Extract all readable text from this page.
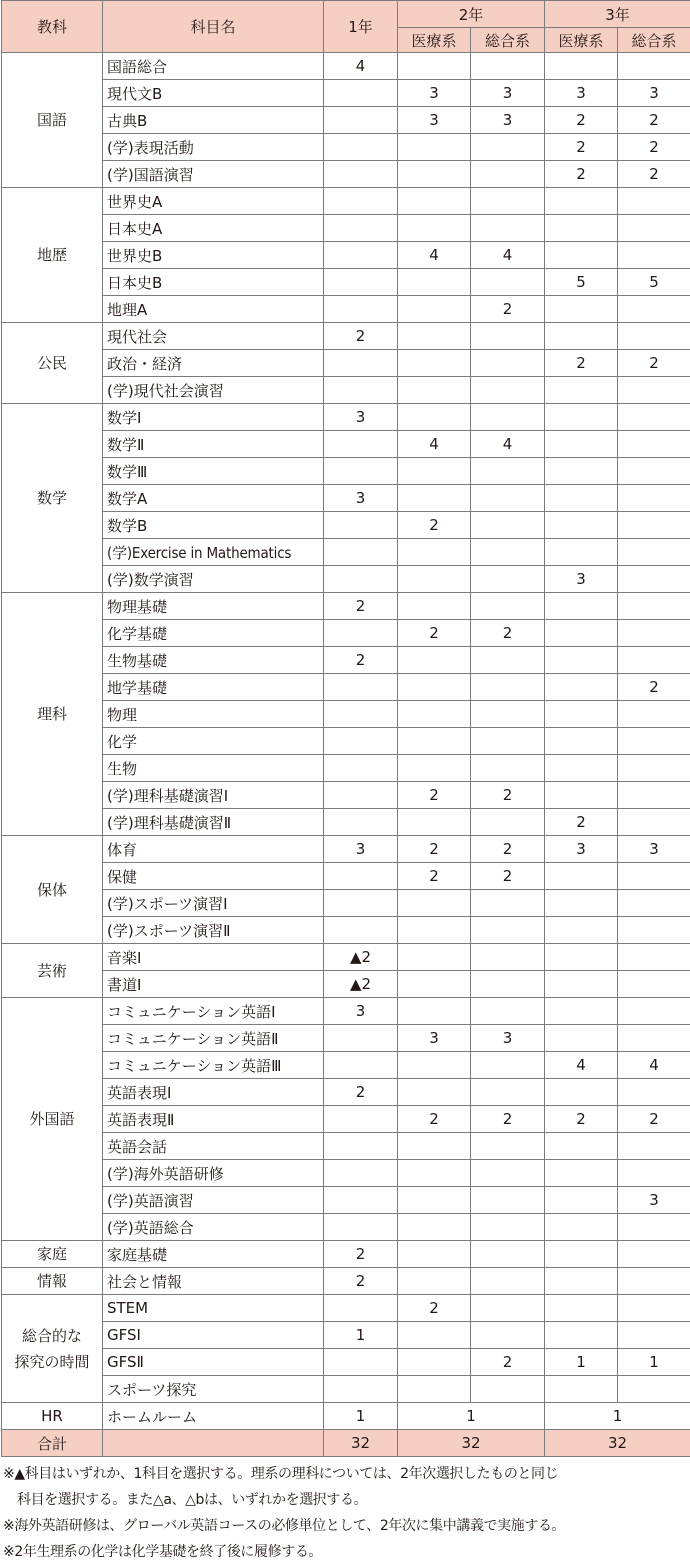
教科	科目名	1年	2年		3年	
			医療系	総合系	医療系	総合系
国語	国語総合	4				
	現代文B		3	3	3	3
	古典B		3	3	2	2
	(学)表現活動				2	2
	(学)国語演習				2	2
地歴	世界史A					
	日本史A					
	世界史B		4	4		
	日本史B				5	5
	地理A			2		
公民	現代社会	2				
	政治・経済				2	2
	(学)現代社会演習					
数学	数学Ⅰ	3				
	数学Ⅱ		4	4		
	数学Ⅲ					
	数学A	3				
	数学B		2			
	(学)Exercise in Mathematics					
	(学)数学演習				3	
理科	物理基礎	2				
	化学基礎		2	2		
	生物基礎	2				
	地学基礎					2
	物理					
	化学					
	生物					
	(学)理科基礎演習Ⅰ		2	2		
	(学)理科基礎演習Ⅱ				2	
保体	体育	3	2	2	3	3
	保健		2	2		
	(学)スポーツ演習Ⅰ					
	(学)スポーツ演習Ⅱ					
芸術	音楽Ⅰ	▲2				
	書道Ⅰ	▲2				
外国語	コミュニケーション英語Ⅰ	3				
	コミュニケーション英語Ⅱ		3	3		
	コミュニケーション英語Ⅲ				4	4
	英語表現Ⅰ	2				
	英語表現Ⅱ		2	2	2	2
	英語会話					
	(学)海外英語研修					
	(学)英語演習					3
	(学)英語総合					
家庭	家庭基礎	2				
情報	社会と情報	2				
総合的な
探究の時間	STEM		2			
	GFSⅠ	1				
	GFSⅡ			2	1	1
	スポーツ探究					
HR	ホームルーム	1	1		1	
合計		32	32		32	

※▲科目はいずれか、1科目を選択する。理系の理科については、2年次選択したものと同じ

科目を選択する。また△a、△bは、いずれかを選択する。

※海外英語研修は、グローバル英語コースの必修単位として、2年次に集中講義で実施する。

※2年生理系の化学は化学基礎を終了後に履修する。
